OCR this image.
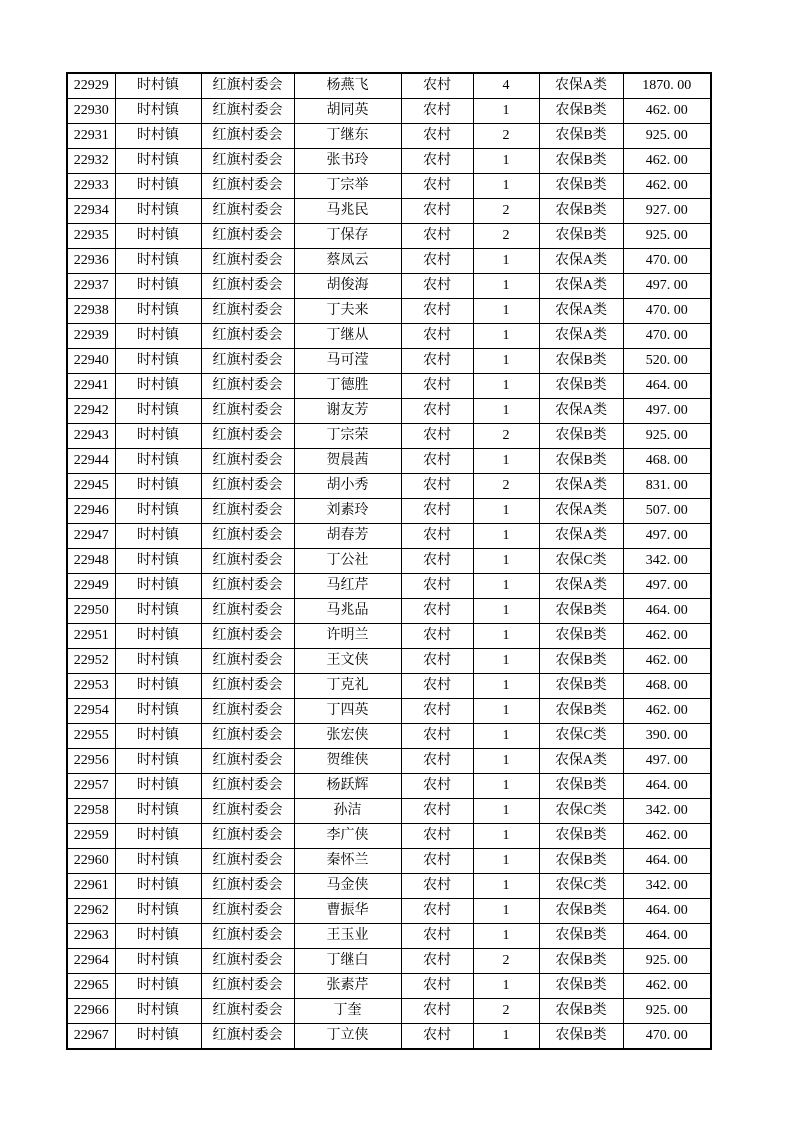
22929	时村镇	红旗村委会	杨燕飞	农村	4	农保A类	1870. 00
22930	时村镇	红旗村委会	胡同英	农村	1	农保B类	462. 00
22931	时村镇	红旗村委会	丁继东	农村	2	农保B类	925. 00
22932	时村镇	红旗村委会	张书玲	农村	1	农保B类	462. 00
22933	时村镇	红旗村委会	丁宗举	农村	1	农保B类	462. 00
22934	时村镇	红旗村委会	马兆民	农村	2	农保B类	927. 00
22935	时村镇	红旗村委会	丁保存	农村	2	农保B类	925. 00
22936	时村镇	红旗村委会	蔡凤云	农村	1	农保A类	470. 00
22937	时村镇	红旗村委会	胡俊海	农村	1	农保A类	497. 00
22938	时村镇	红旗村委会	丁夫来	农村	1	农保A类	470. 00
22939	时村镇	红旗村委会	丁继从	农村	1	农保A类	470. 00
22940	时村镇	红旗村委会	马可滢	农村	1	农保B类	520. 00
22941	时村镇	红旗村委会	丁德胜	农村	1	农保B类	464. 00
22942	时村镇	红旗村委会	谢友芳	农村	1	农保A类	497. 00
22943	时村镇	红旗村委会	丁宗荣	农村	2	农保B类	925. 00
22944	时村镇	红旗村委会	贺晨茜	农村	1	农保B类	468. 00
22945	时村镇	红旗村委会	胡小秀	农村	2	农保A类	831. 00
22946	时村镇	红旗村委会	刘素玲	农村	1	农保A类	507. 00
22947	时村镇	红旗村委会	胡春芳	农村	1	农保A类	497. 00
22948	时村镇	红旗村委会	丁公社	农村	1	农保C类	342. 00
22949	时村镇	红旗村委会	马红芹	农村	1	农保A类	497. 00
22950	时村镇	红旗村委会	马兆品	农村	1	农保B类	464. 00
22951	时村镇	红旗村委会	许明兰	农村	1	农保B类	462. 00
22952	时村镇	红旗村委会	王文侠	农村	1	农保B类	462. 00
22953	时村镇	红旗村委会	丁克礼	农村	1	农保B类	468. 00
22954	时村镇	红旗村委会	丁四英	农村	1	农保B类	462. 00
22955	时村镇	红旗村委会	张宏侠	农村	1	农保C类	390. 00
22956	时村镇	红旗村委会	贺维侠	农村	1	农保A类	497. 00
22957	时村镇	红旗村委会	杨跃辉	农村	1	农保B类	464. 00
22958	时村镇	红旗村委会	孙洁	农村	1	农保C类	342. 00
22959	时村镇	红旗村委会	李广侠	农村	1	农保B类	462. 00
22960	时村镇	红旗村委会	秦怀兰	农村	1	农保B类	464. 00
22961	时村镇	红旗村委会	马金侠	农村	1	农保C类	342. 00
22962	时村镇	红旗村委会	曹振华	农村	1	农保B类	464. 00
22963	时村镇	红旗村委会	王玉业	农村	1	农保B类	464. 00
22964	时村镇	红旗村委会	丁继白	农村	2	农保B类	925. 00
22965	时村镇	红旗村委会	张素芹	农村	1	农保B类	462. 00
22966	时村镇	红旗村委会	丁奎	农村	2	农保B类	925. 00
22967	时村镇	红旗村委会	丁立侠	农村	1	农保B类	470. 00
